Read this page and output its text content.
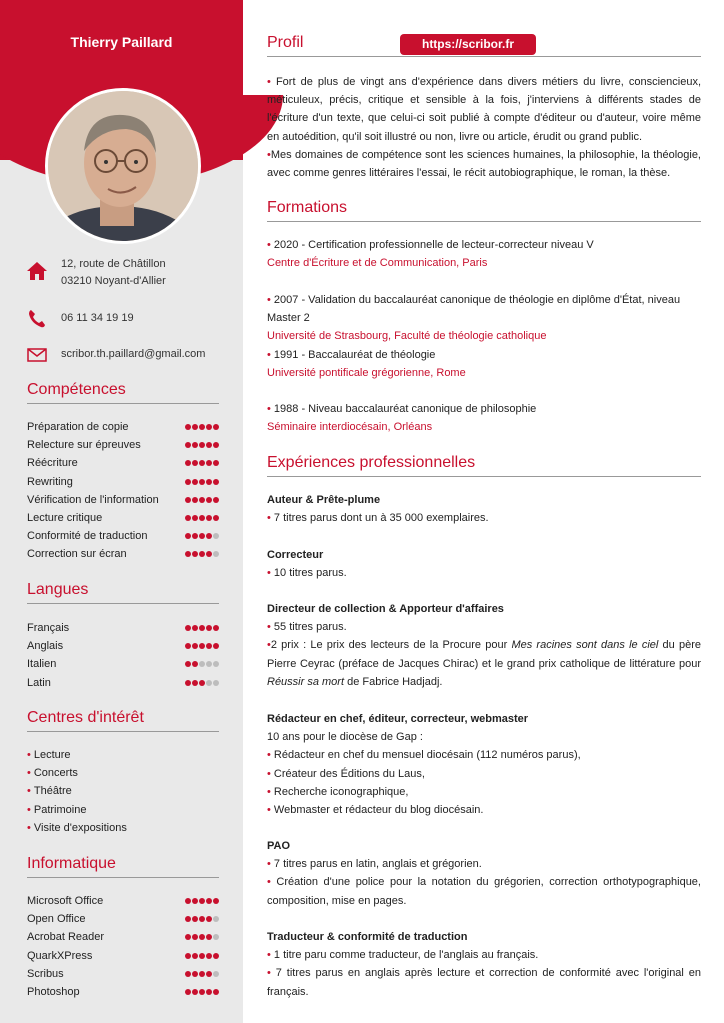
Thierry Paillard
12, route de Châtillon
03210 Noyant-d'Allier
06 11 34 19 19
scribor.th.paillard@gmail.com
Compétences
Préparation de copie
Relecture sur épreuves
Réécriture
Rewriting
Vérification de l'information
Lecture critique
Conformité de traduction
Correction sur écran
Langues
Français
Anglais
Italien
Latin
Centres d'intérêt
• Lecture
• Concerts
• Théâtre
• Patrimoine
• Visite d'expositions
Informatique
Microsoft Office
Open Office
Acrobat Reader
QuarkXPress
Scribus
Photoshop
Profil	https://scribor.fr
• Fort de plus de vingt ans d'expérience dans divers métiers du livre, consciencieux, méticuleux, précis, critique et sensible à la fois, j'interviens à différents stades de l'écriture d'un texte, que celui-ci soit publié à compte d'éditeur ou d'auteur, voire même en autoédition, qu'il soit illustré ou non, livre ou article, érudit ou grand public.
•Mes domaines de compétence sont les sciences humaines, la philosophie, la théologie, avec comme genres littéraires l'essai, le récit autobiographique, le roman, la thèse.
Formations
• 2020 - Certification professionnelle de lecteur-correcteur niveau V
Centre d'Écriture et de Communication, Paris
• 2007 - Validation du baccalauréat canonique de théologie en diplôme d'État, niveau Master 2
Université de Strasbourg, Faculté de théologie catholique
• 1991 - Baccalauréat de théologie
Université pontificale grégorienne, Rome
• 1988 - Niveau baccalauréat canonique de philosophie
Séminaire interdiocésain, Orléans
Expériences professionnelles
Auteur & Prête-plume
• 7 titres parus dont un à 35 000 exemplaires.
Correcteur
• 10 titres parus.
Directeur de collection & Apporteur d'affaires
• 55 titres parus.
•2 prix : Le prix des lecteurs de la Procure pour Mes racines sont dans le ciel du père Pierre Ceyrac (préface de Jacques Chirac) et le grand prix catholique de littérature pour Réussir sa mort de Fabrice Hadjadj.
Rédacteur en chef, éditeur, correcteur, webmaster
10 ans pour le diocèse de Gap :
• Rédacteur en chef du mensuel diocésain (112 numéros parus),
• Créateur des Éditions du Laus,
• Recherche iconographique,
• Webmaster et rédacteur du blog diocésain.
PAO
• 7 titres parus en latin, anglais et grégorien.
• Création d'une police pour la notation du grégorien, correction orthotypographique, composition, mise en pages.
Traducteur & conformité de traduction
• 1 titre paru comme traducteur, de l'anglais au français.
• 7 titres parus en anglais après lecture et correction de conformité avec l'original en français.
